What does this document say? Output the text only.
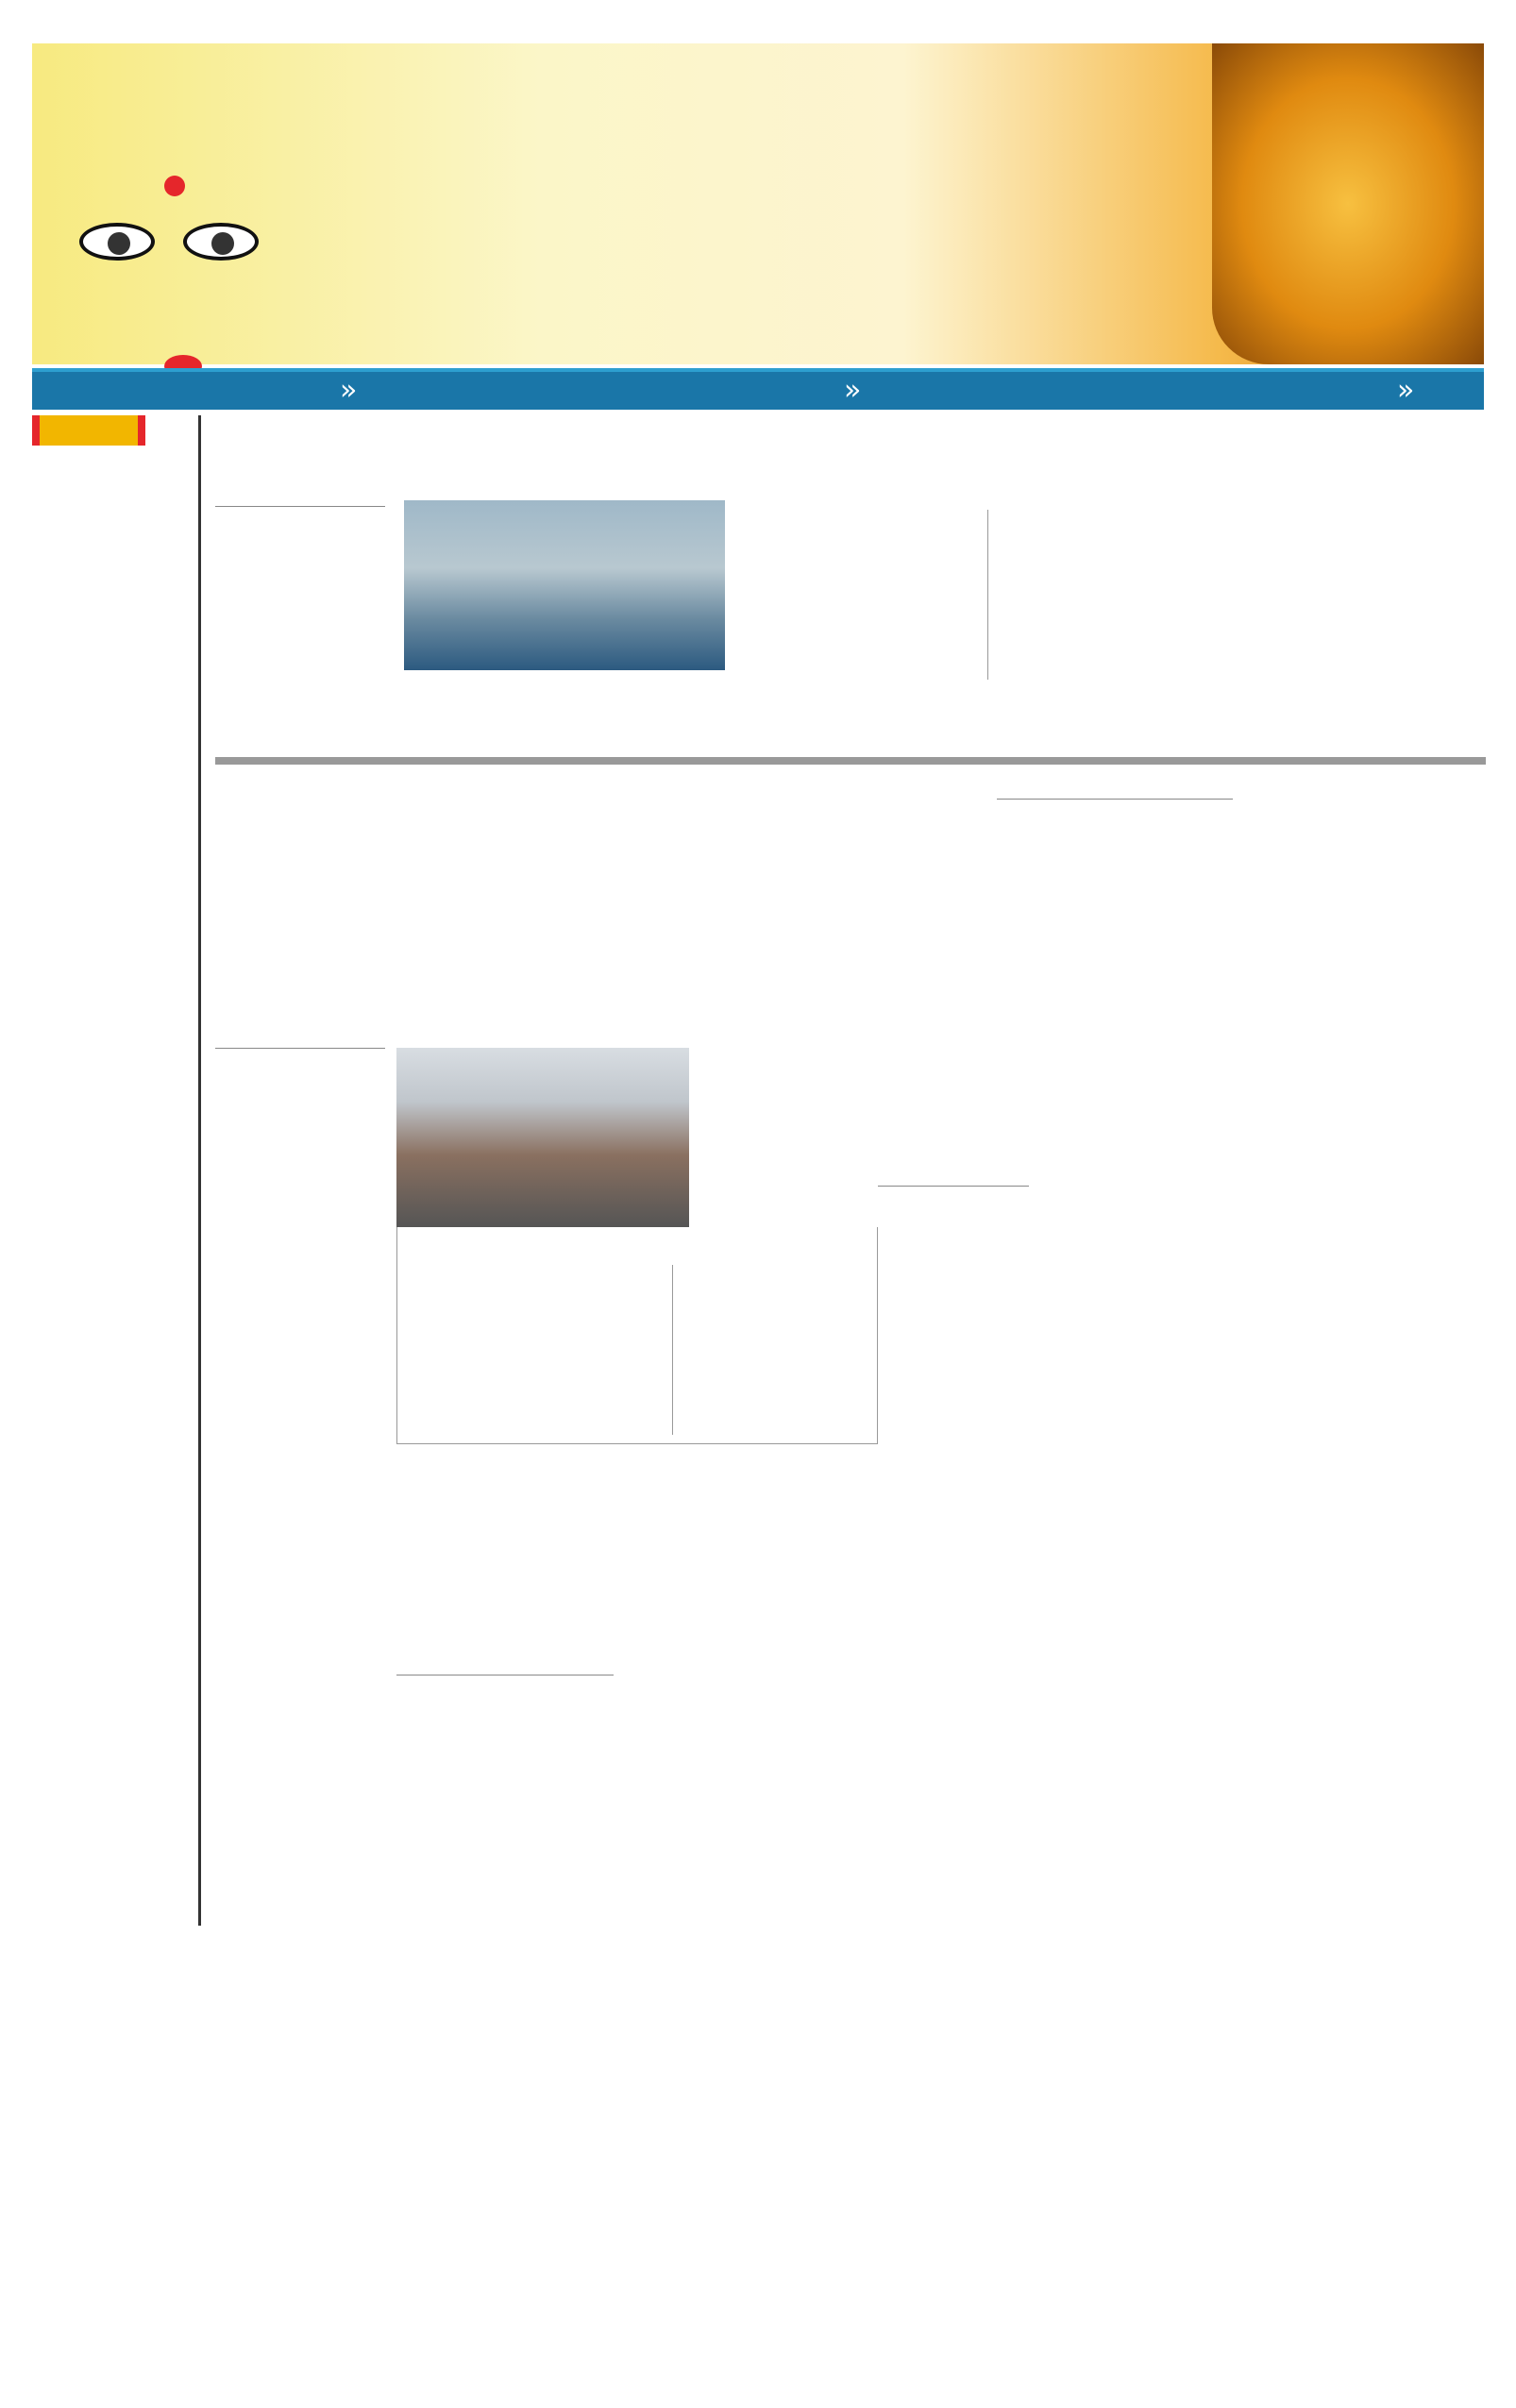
»	»	»
